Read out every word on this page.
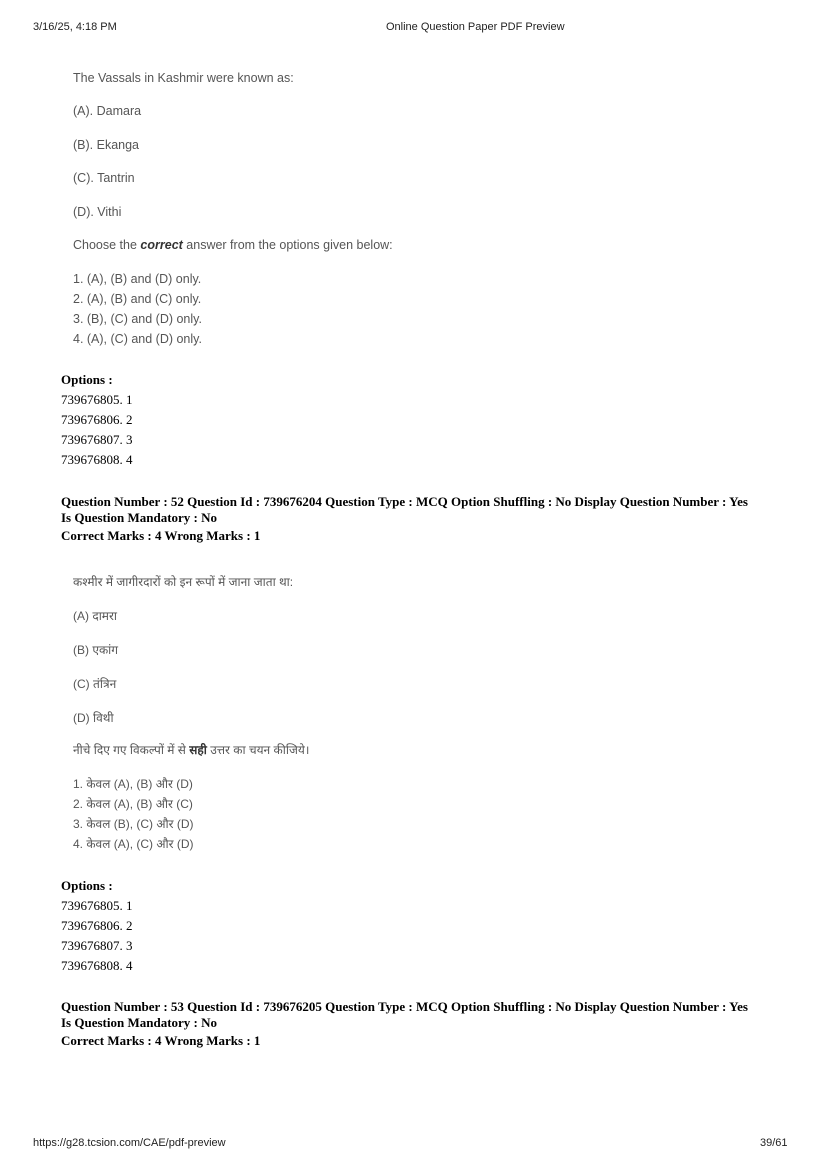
3/16/25, 4:18 PM	Online Question Paper PDF Preview
The Vassals in Kashmir were known as:
(A). Damara
(B). Ekanga
(C). Tantrin
(D). Vithi
Choose the correct answer from the options given below:
1. (A), (B) and (D) only.
2. (A), (B) and (C) only.
3. (B), (C) and (D) only.
4. (A), (C) and (D) only.
Options :
739676805. 1
739676806. 2
739676807. 3
739676808. 4
Question Number : 52 Question Id : 739676204 Question Type : MCQ Option Shuffling : No Display Question Number : Yes
Is Question Mandatory : No
Correct Marks : 4 Wrong Marks : 1
कश्मीर में जागीरदारों को इन रूपों में जाना जाता था:
(A) दामरा
(B) एकांग
(C) तंत्रिन
(D) विथी
नीचे दिए गए विकल्पों में से सही उत्तर का चयन कीजिये।
1. केवल (A), (B) और (D)
2. केवल (A), (B) और (C)
3. केवल (B), (C) और (D)
4. केवल (A), (C) और (D)
Options :
739676805. 1
739676806. 2
739676807. 3
739676808. 4
Question Number : 53 Question Id : 739676205 Question Type : MCQ Option Shuffling : No Display Question Number : Yes
Is Question Mandatory : No
Correct Marks : 4 Wrong Marks : 1
https://g28.tcsion.com/CAE/pdf-preview	39/61
